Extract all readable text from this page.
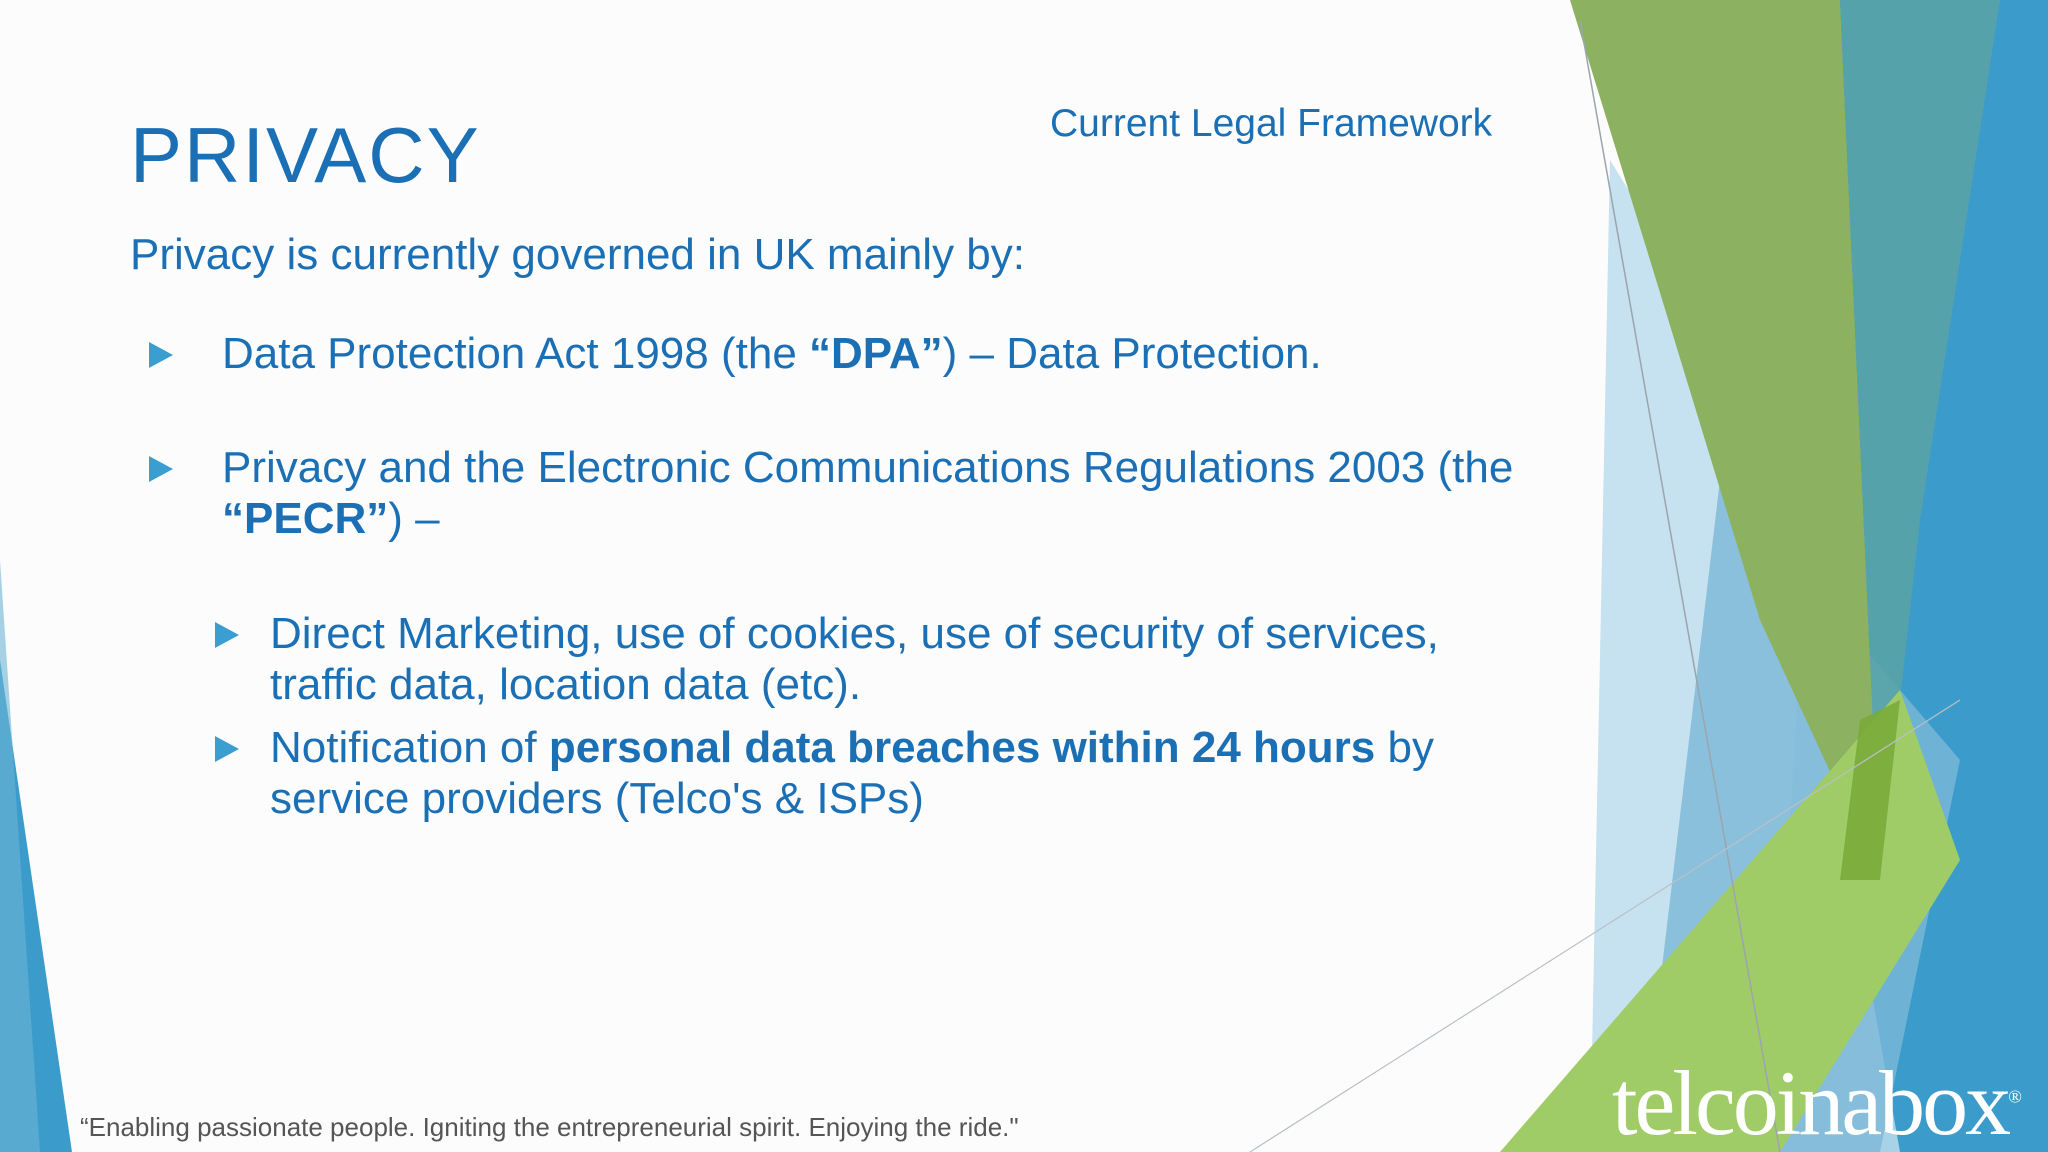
PRIVACY	Current Legal Framework
Privacy is currently governed in UK mainly by:
Data Protection Act 1998 (the “DPA”) – Data Protection.
Privacy and the Electronic Communications Regulations 2003 (the “PECR”) –
Direct Marketing, use of cookies, use of security of services, traffic data, location data (etc).
Notification of personal data breaches within 24 hours by service providers (Telco's & ISPs)
“Enabling passionate people. Igniting the entrepreneurial spirit. Enjoying the ride."	telcoinabox®
